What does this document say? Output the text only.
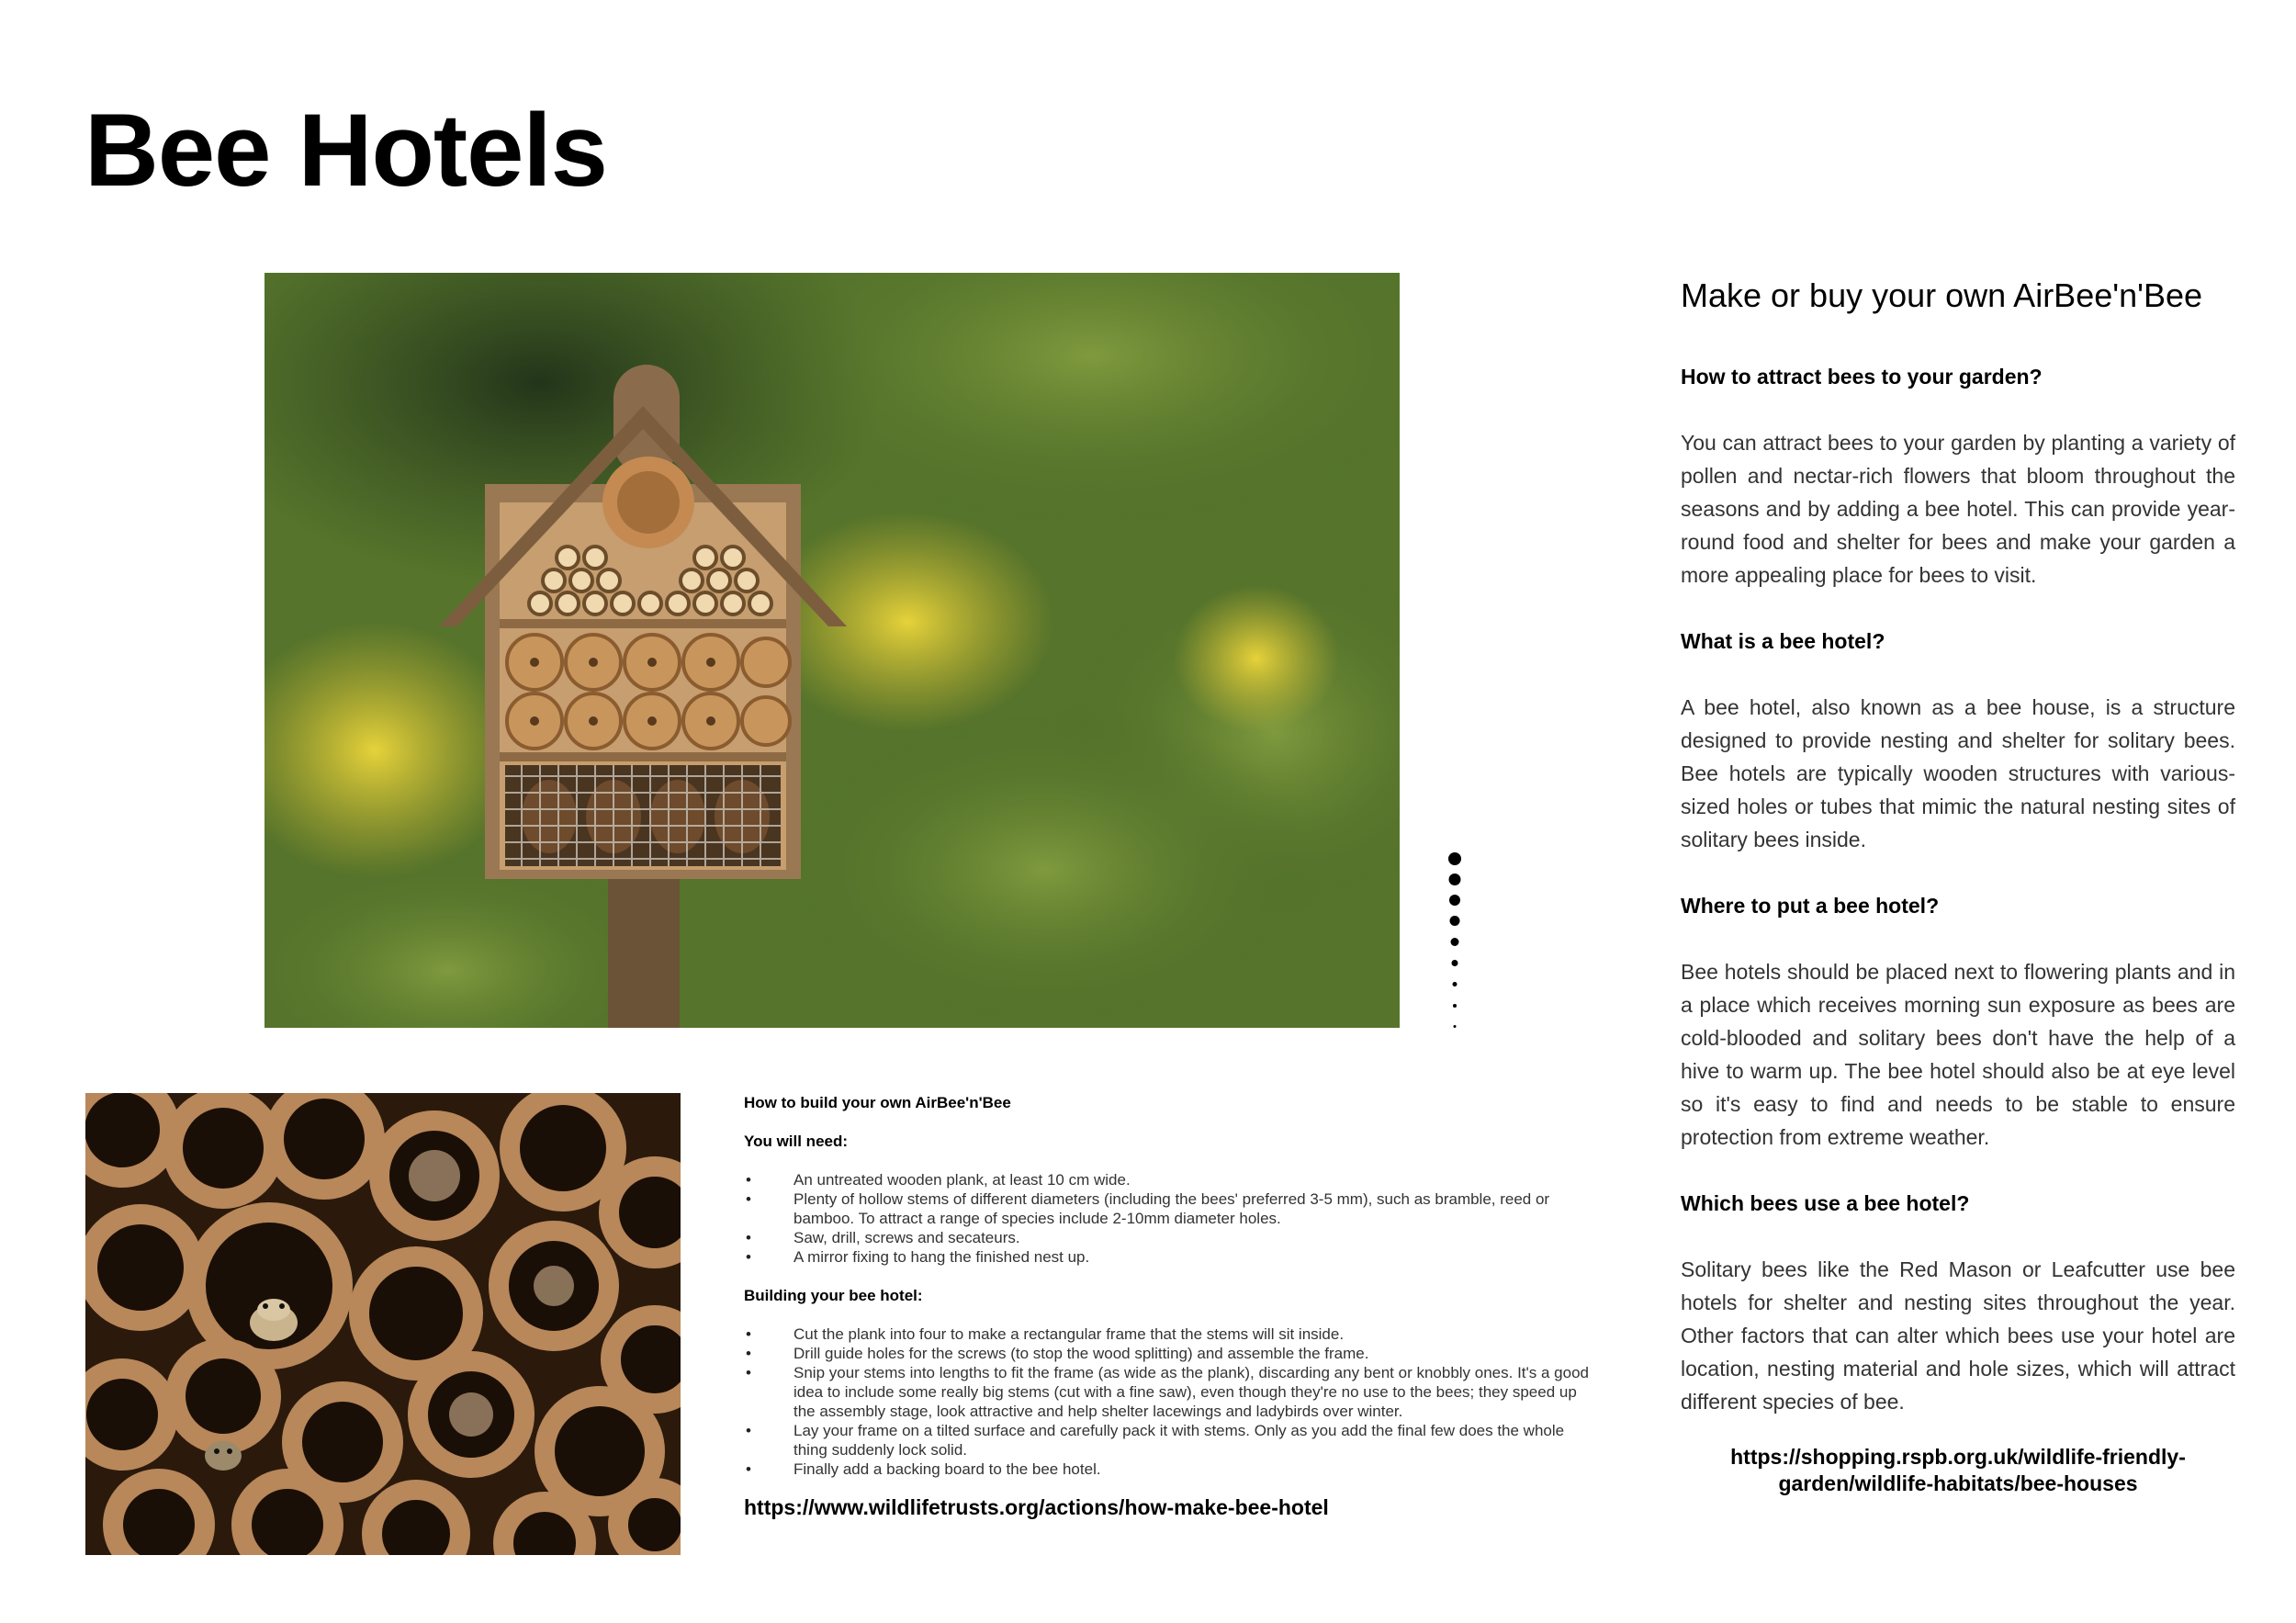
Bee Hotels
How to build your own AirBee'n'Bee
You will need:
• An untreated wooden plank, at least 10 cm wide.
• Plenty of hollow stems of different diameters (including the bees' preferred 3-5 mm), such as bramble, reed or bamboo. To attract a range of species include 2-10mm diameter holes.
• Saw, drill, screws and secateurs.
• A mirror fixing to hang the finished nest up.
Building your bee hotel:
• Cut the plank into four to make a rectangular frame that the stems will sit inside.
• Drill guide holes for the screws (to stop the wood splitting) and assemble the frame.
• Snip your stems into lengths to fit the frame (as wide as the plank), discarding any bent or knobbly ones. It's a good idea to include some really big stems (cut with a fine saw), even though they're no use to the bees; they speed up the assembly stage, look attractive and help shelter lacewings and ladybirds over winter.
• Lay your frame on a tilted surface and carefully pack it with stems. Only as you add the final few does the whole thing suddenly lock solid.
• Finally add a backing board to the bee hotel.
https://www.wildlifetrusts.org/actions/how-make-bee-hotel
Make or buy your own AirBee'n'Bee
How to attract bees to your garden?

You can attract bees to your garden by planting a variety of pollen and nectar-rich flowers that bloom throughout the seasons and by adding a bee hotel. This can provide year-round food and shelter for bees and make your garden a more appealing place for bees to visit.

What is a bee hotel?

A bee hotel, also known as a bee house, is a structure designed to provide nesting and shelter for solitary bees. Bee hotels are typically wooden structures with various-sized holes or tubes that mimic the natural nesting sites of solitary bees inside.

Where to put a bee hotel?

Bee hotels should be placed next to flowering plants and in a place which receives morning sun exposure as bees are cold-blooded and solitary bees don't have the help of a hive to warm up. The bee hotel should also be at eye level so it's easy to find and needs to be stable to ensure protection from extreme weather.

Which bees use a bee hotel?

Solitary bees like the Red Mason or Leafcutter use bee hotels for shelter and nesting sites throughout the year. Other factors that can alter which bees use your hotel are location, nesting material and hole sizes, which will attract different species of bee.

https://shopping.rspb.org.uk/wildlife-friendly-garden/wildlife-habitats/bee-houses
